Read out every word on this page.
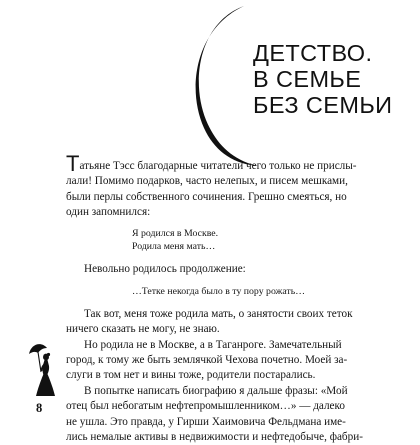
ДЕТСТВО.
В СЕМЬЕ
БЕЗ СЕМЬИ

Татьяне Тэсс благодарные читатели чего только не прислы-

лали! Помимо подарков, часто нелепых, и писем мешками,

были перлы собственного сочинения. Грешно смеяться, но

один запомнился:

Я родился в Москве.

Родила меня мать…

Невольно родилось продолжение:

…Тетке некогда было в ту пору рожать…

Так вот, меня тоже родила мать, о занятости своих теток

ничего сказать не могу, не знаю.

Но родила не в Москве, а в Таганроге. Замечательный

город, к тому же быть землячкой Чехова почетно. Моей за-

слуги в том нет и вины тоже, родители постарались.

В попытке написать биографию я дальше фразы: «Мой

отец был небогатым нефтепромышленником…» — далеко

не ушла. Это правда, у Гирши Хаимовича Фельдмана име-

лись немалые активы в недвижимости и нефтедобыче, фабри-

8
